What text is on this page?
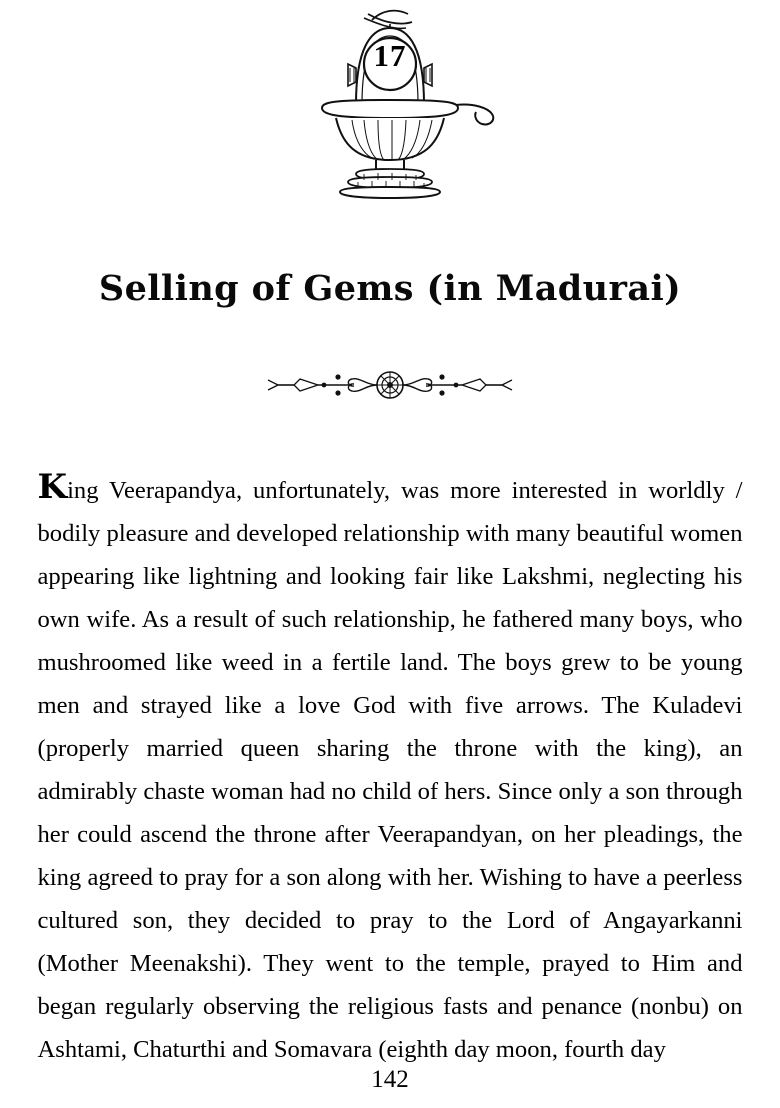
17
Selling of Gems (in Madurai)
King Veerapandya, unfortunately, was more interested in worldly / bodily pleasure and developed relationship with many beautiful women appearing like lightning and looking fair like Lakshmi, neglecting his own wife. As a result of such relationship, he fathered many boys, who mushroomed like weed in a fertile land. The boys grew to be young men and strayed like a love God with five arrows. The Kuladevi (properly married queen sharing the throne with the king), an admirably chaste woman had no child of hers. Since only a son through her could ascend the throne after Veerapandyan, on her pleadings, the king agreed to pray for a son along with her. Wishing to have a peerless cultured son, they decided to pray to the Lord of Angayarkanni (Mother Meenakshi). They went to the temple, prayed to Him and began regularly observing the religious fasts and penance (nonbu) on Ashtami, Chaturthi and Somavara (eighth day moon, fourth day
142
